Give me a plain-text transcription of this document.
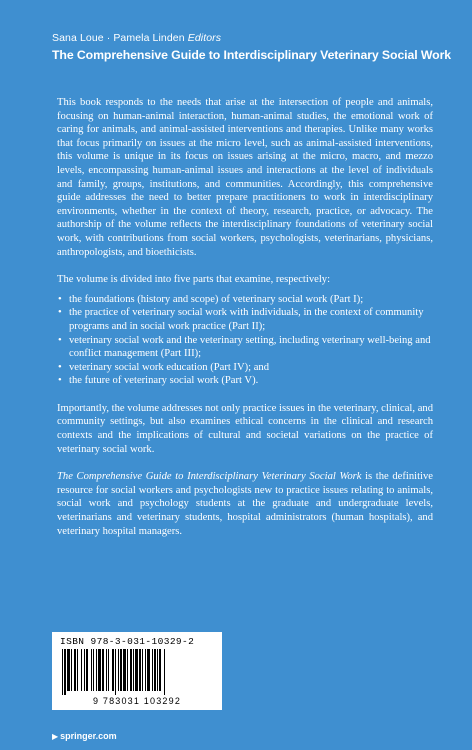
Sana Loue · Pamela Linden Editors
The Comprehensive Guide to Interdisciplinary Veterinary Social Work

This book responds to the needs that arise at the intersection of people and animals, focusing on human-animal interaction, human-animal studies, the emotional work of caring for animals, and animal-assisted interventions and therapies. Unlike many works that focus primarily on issues at the micro level, such as animal-assisted interventions, this volume is unique in its focus on issues arising at the micro, macro, and mezzo levels, encompassing human-animal issues and interactions at the level of individuals and family, groups, institutions, and communities. Accordingly, this comprehensive guide addresses the need to better prepare practitioners to work in interdisciplinary environments, whether in the context of theory, research, practice, or advocacy. The authorship of the volume reflects the interdisciplinary foundations of veterinary social work, with contributions from social workers, psychologists, veterinarians, physicians, anthropologists, and bioethicists.

The volume is divided into five parts that examine, respectively:

• the foundations (history and scope) of veterinary social work (Part I);
• the practice of veterinary social work with individuals, in the context of community programs and in social work practice (Part II);
• veterinary social work and the veterinary setting, including veterinary well-being and conflict management (Part III);
• veterinary social work education (Part IV); and
• the future of veterinary social work (Part V).

Importantly, the volume addresses not only practice issues in the veterinary, clinical, and community settings, but also examines ethical concerns in the clinical and research contexts and the implications of cultural and societal variations on the practice of veterinary social work.

The Comprehensive Guide to Interdisciplinary Veterinary Social Work is the definitive resource for social workers and psychologists new to practice issues relating to animals, social work and psychology students at the graduate and undergraduate levels, veterinarians and veterinary students, hospital administrators (human hospitals), and veterinary hospital managers.

ISBN 978-3-031-10329-2
9 783031 103292
▶ springer.com
